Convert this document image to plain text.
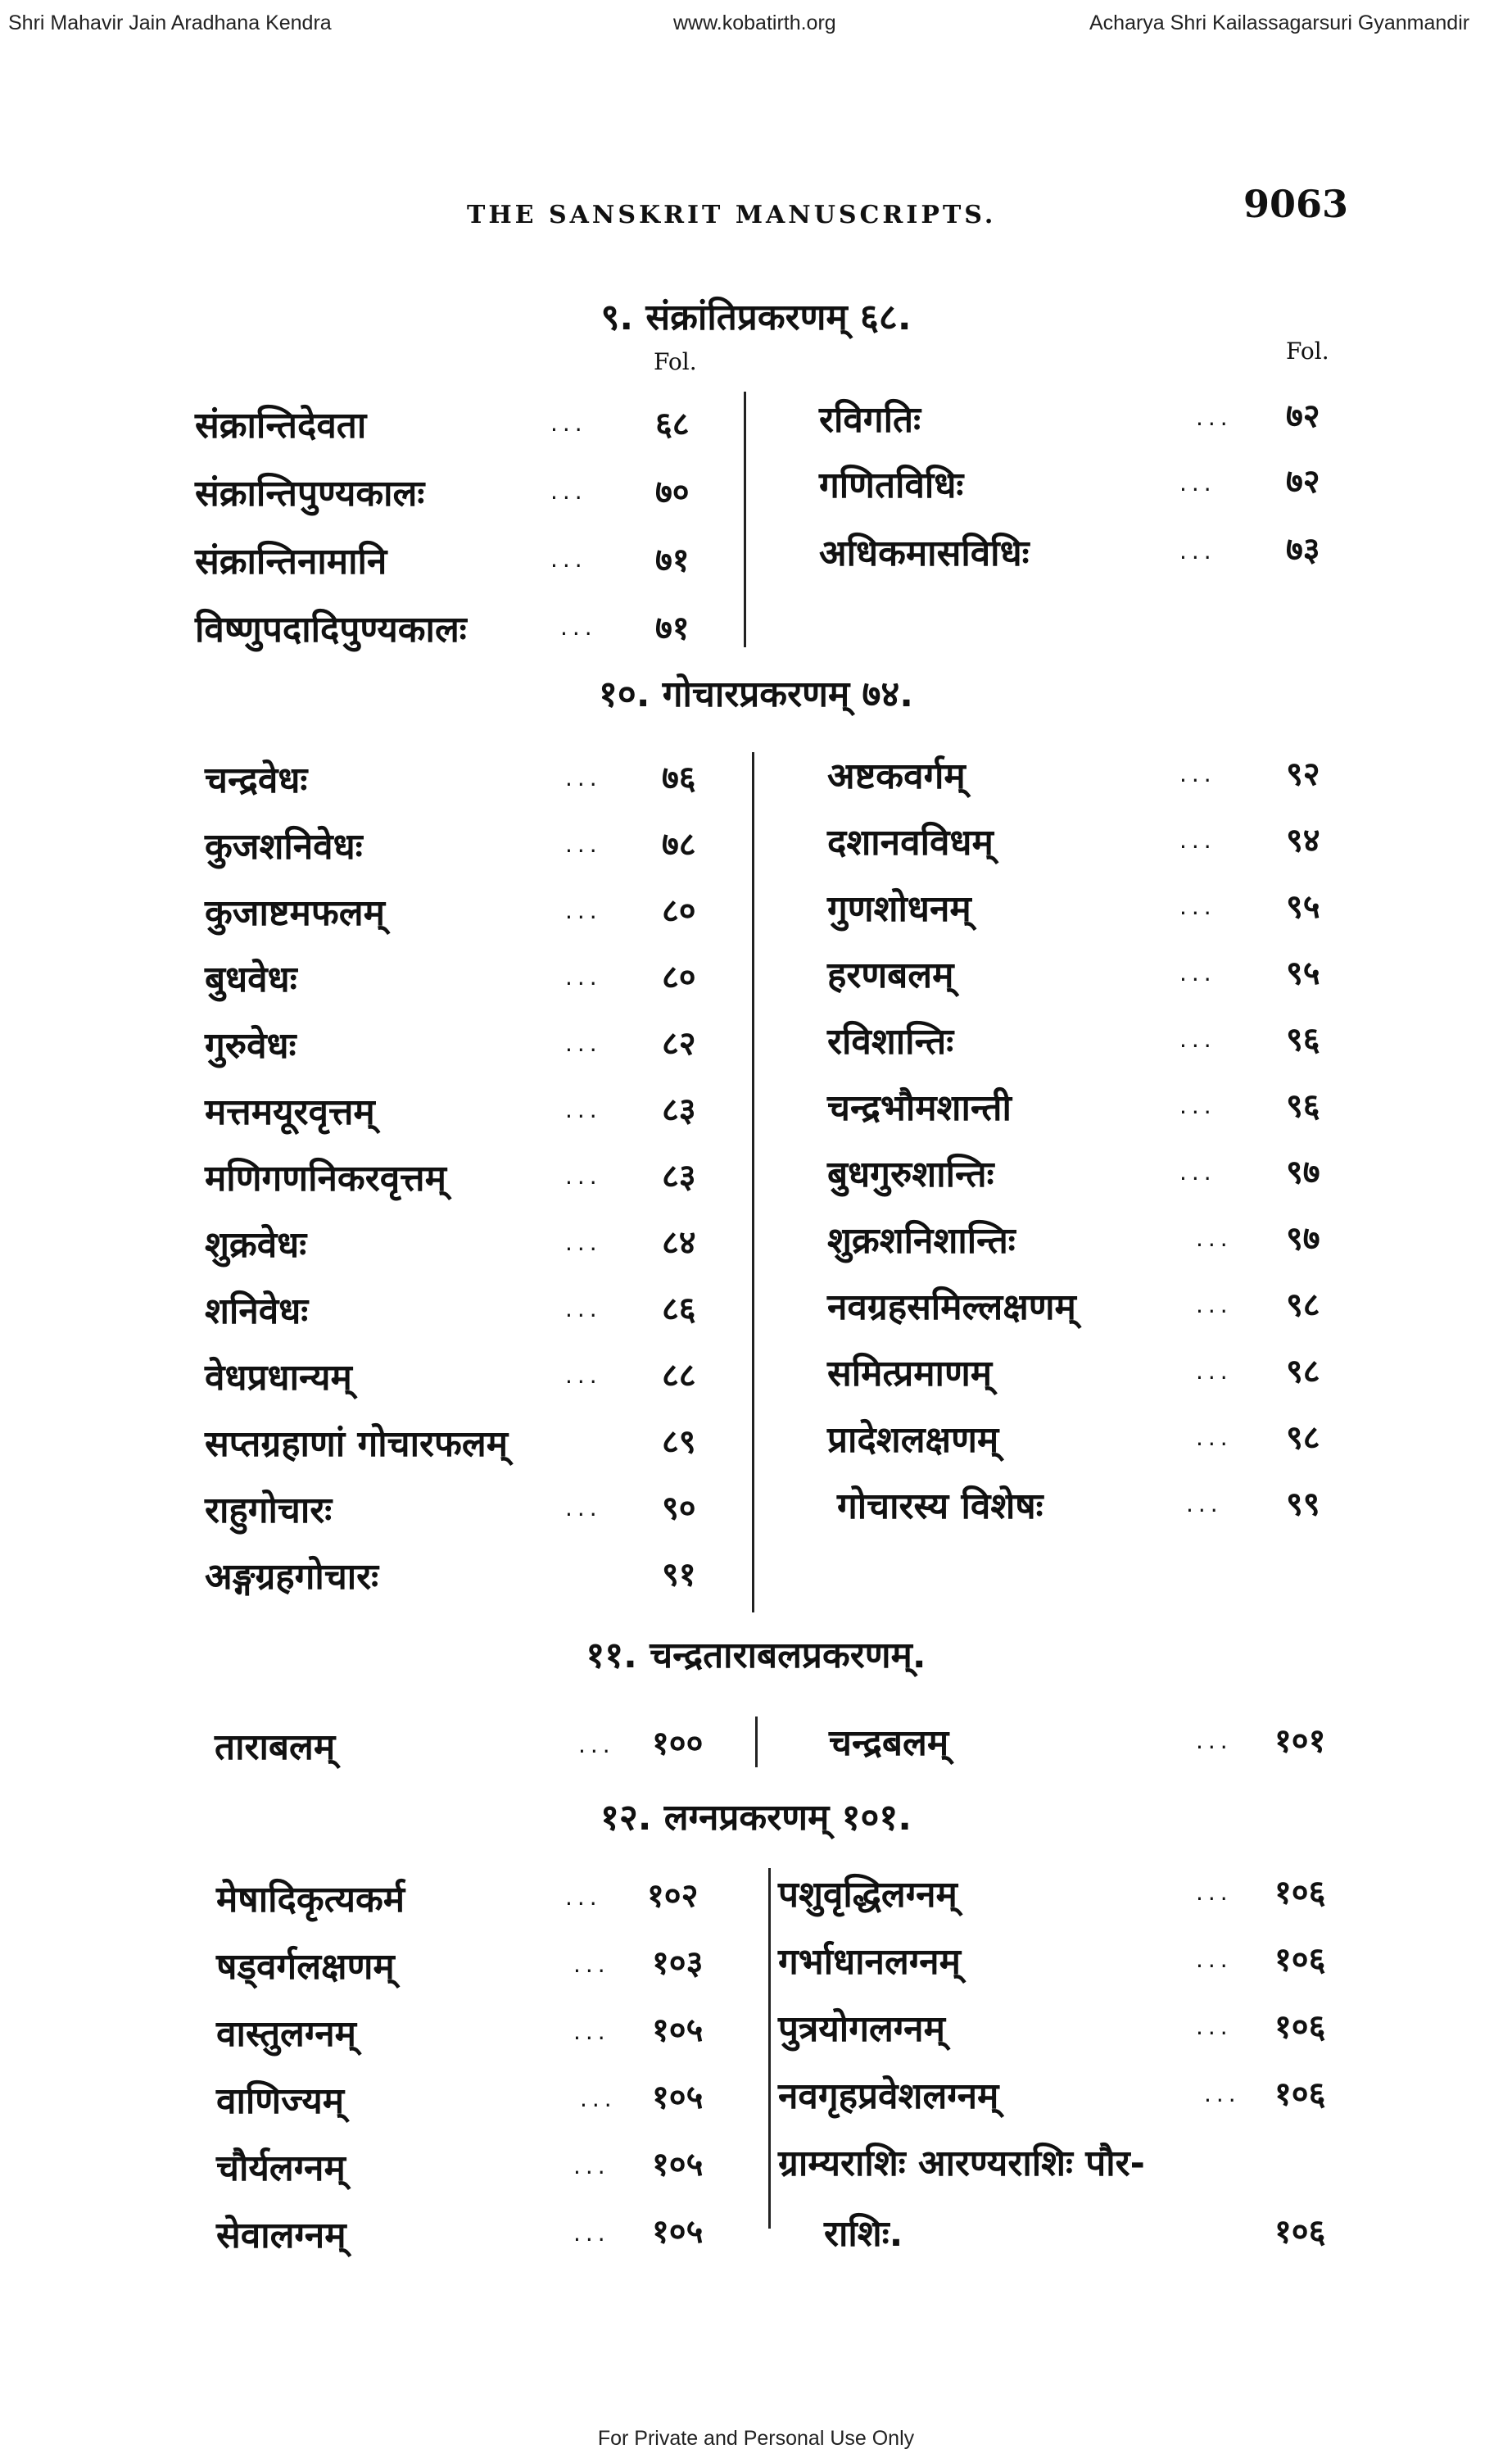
Shri Mahavir Jain Aradhana Kendra	www.kobatirth.org	Acharya Shri Kailassagarsuri Gyanmandir
THE SANSKRIT MANUSCRIPTS.	9063
९. संक्रांतिप्रकरणम् ६८.
Fol.	Fol.
संक्रान्तिदेवता	... ६८
संक्रान्तिपुण्यकालः	... ७०
संक्रान्तिनामानि	... ७१
विष्णुपदादिपुण्यकालः	... ७१
रविगतिः	... ७२
गणितविधिः	... ७२
अधिकमासविधिः	... ७३
१०. गोचारप्रकरणम् ७४.
चन्द्रवेधः	... ७६
कुजशनिवेधः	... ७८
कुजाष्टमफलम्	... ८०
बुधवेधः	... ८०
गुरुवेधः	... ८२
मत्तमयूरवृत्तम्	... ८३
मणिगणनिकरवृत्तम्	... ८३
शुक्रवेधः	... ८४
शनिवेधः	... ८६
वेधप्रधान्यम्	... ८८
सप्तग्रहाणां गोचारफलम्	८९
राहुगोचारः	... ९०
अङ्गग्रहगोचारः	९१
अष्टकवर्गम्	... ९२
दशानवविधम्	... ९४
गुणशोधनम्	... ९५
हरणबलम्	... ९५
रविशान्तिः	... ९६
चन्द्रभौमशान्ती	... ९६
बुधगुरुशान्तिः	... ९७
शुक्रशनिशान्तिः	... ९७
नवग्रहसमिल्लक्षणम्	... ९८
समित्प्रमाणम्	... ९८
प्रादेशलक्षणम्	... ९८
गोचारस्य विशेषः	... ९९
११. चन्द्रताराबलप्रकरणम्.
ताराबलम्	... १००	चन्द्रबलम्	... १०१
१२. लग्नप्रकरणम् १०१.
मेषादिकृत्यकर्म	... १०२
षड्वर्गलक्षणम्	... १०३
वास्तुलग्नम्	... १०५
वाणिज्यम्	... १०५
चौर्यलग्नम्	... १०५
सेवालग्नम्	... १०५
पशुवृद्धिलग्नम्	... १०६
गर्भाधानलग्नम्	... १०६
पुत्रयोगलग्नम्	... १०६
नवगृहप्रवेशलग्नम्	... १०६
ग्राम्यराशिः आरण्यराशिः पौर-
राशिः.	१०६
For Private and Personal Use Only
